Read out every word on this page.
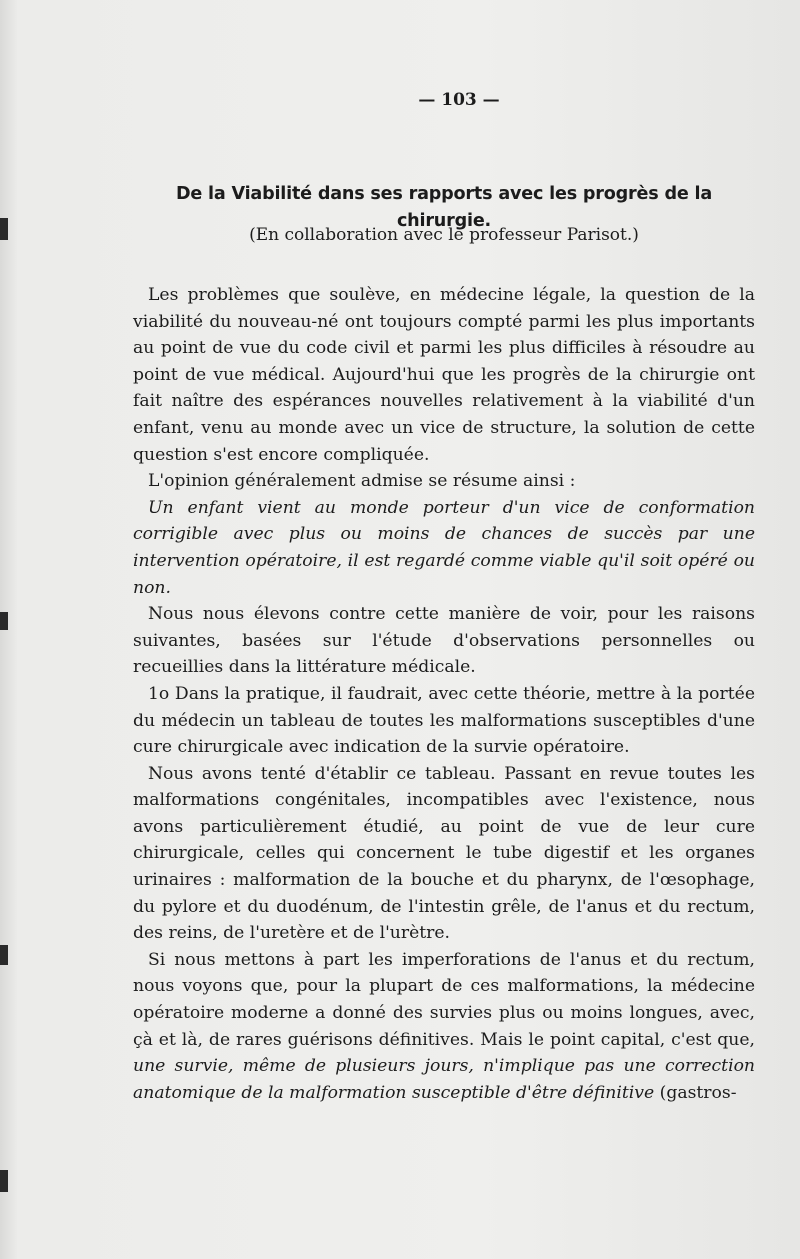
— 103 —
De la Viabilité dans ses rapports avec les progrès de la chirurgie.
(En collaboration avec le professeur Parisot.)

Les problèmes que soulève, en médecine légale, la question de la viabilité du nouveau-né ont toujours compté parmi les plus importants au point de vue du code civil et parmi les plus difficiles à résoudre au point de vue médical. Aujourd'hui que les progrès de la chirurgie ont fait naître des espérances nouvelles relativement à la viabilité d'un enfant, venu au monde avec un vice de structure, la solution de cette question s'est encore compliquée.

L'opinion généralement admise se résume ainsi :

Un enfant vient au monde porteur d'un vice de conformation corrigible avec plus ou moins de chances de succès par une intervention opératoire, il est regardé comme viable qu'il soit opéré ou non.

Nous nous élevons contre cette manière de voir, pour les raisons suivantes, basées sur l'étude d'observations personnelles ou recueillies dans la littérature médicale.

1o Dans la pratique, il faudrait, avec cette théorie, mettre à la portée du médecin un tableau de toutes les malformations susceptibles d'une cure chirurgicale avec indication de la survie opératoire.

Nous avons tenté d'établir ce tableau. Passant en revue toutes les malformations congénitales, incompatibles avec l'existence, nous avons particulièrement étudié, au point de vue de leur cure chirurgicale, celles qui concernent le tube digestif et les organes urinaires : malformation de la bouche et du pharynx, de l'œsophage, du pylore et du duodénum, de l'intestin grêle, de l'anus et du rectum, des reins, de l'uretère et de l'urètre.

Si nous mettons à part les imperforations de l'anus et du rectum, nous voyons que, pour la plupart de ces malformations, la médecine opératoire moderne a donné des survies plus ou moins longues, avec, çà et là, de rares guérisons définitives. Mais le point capital, c'est que, une survie, même de plusieurs jours, n'implique pas une correction anatomique de la malformation susceptible d'être définitive (gastros-
